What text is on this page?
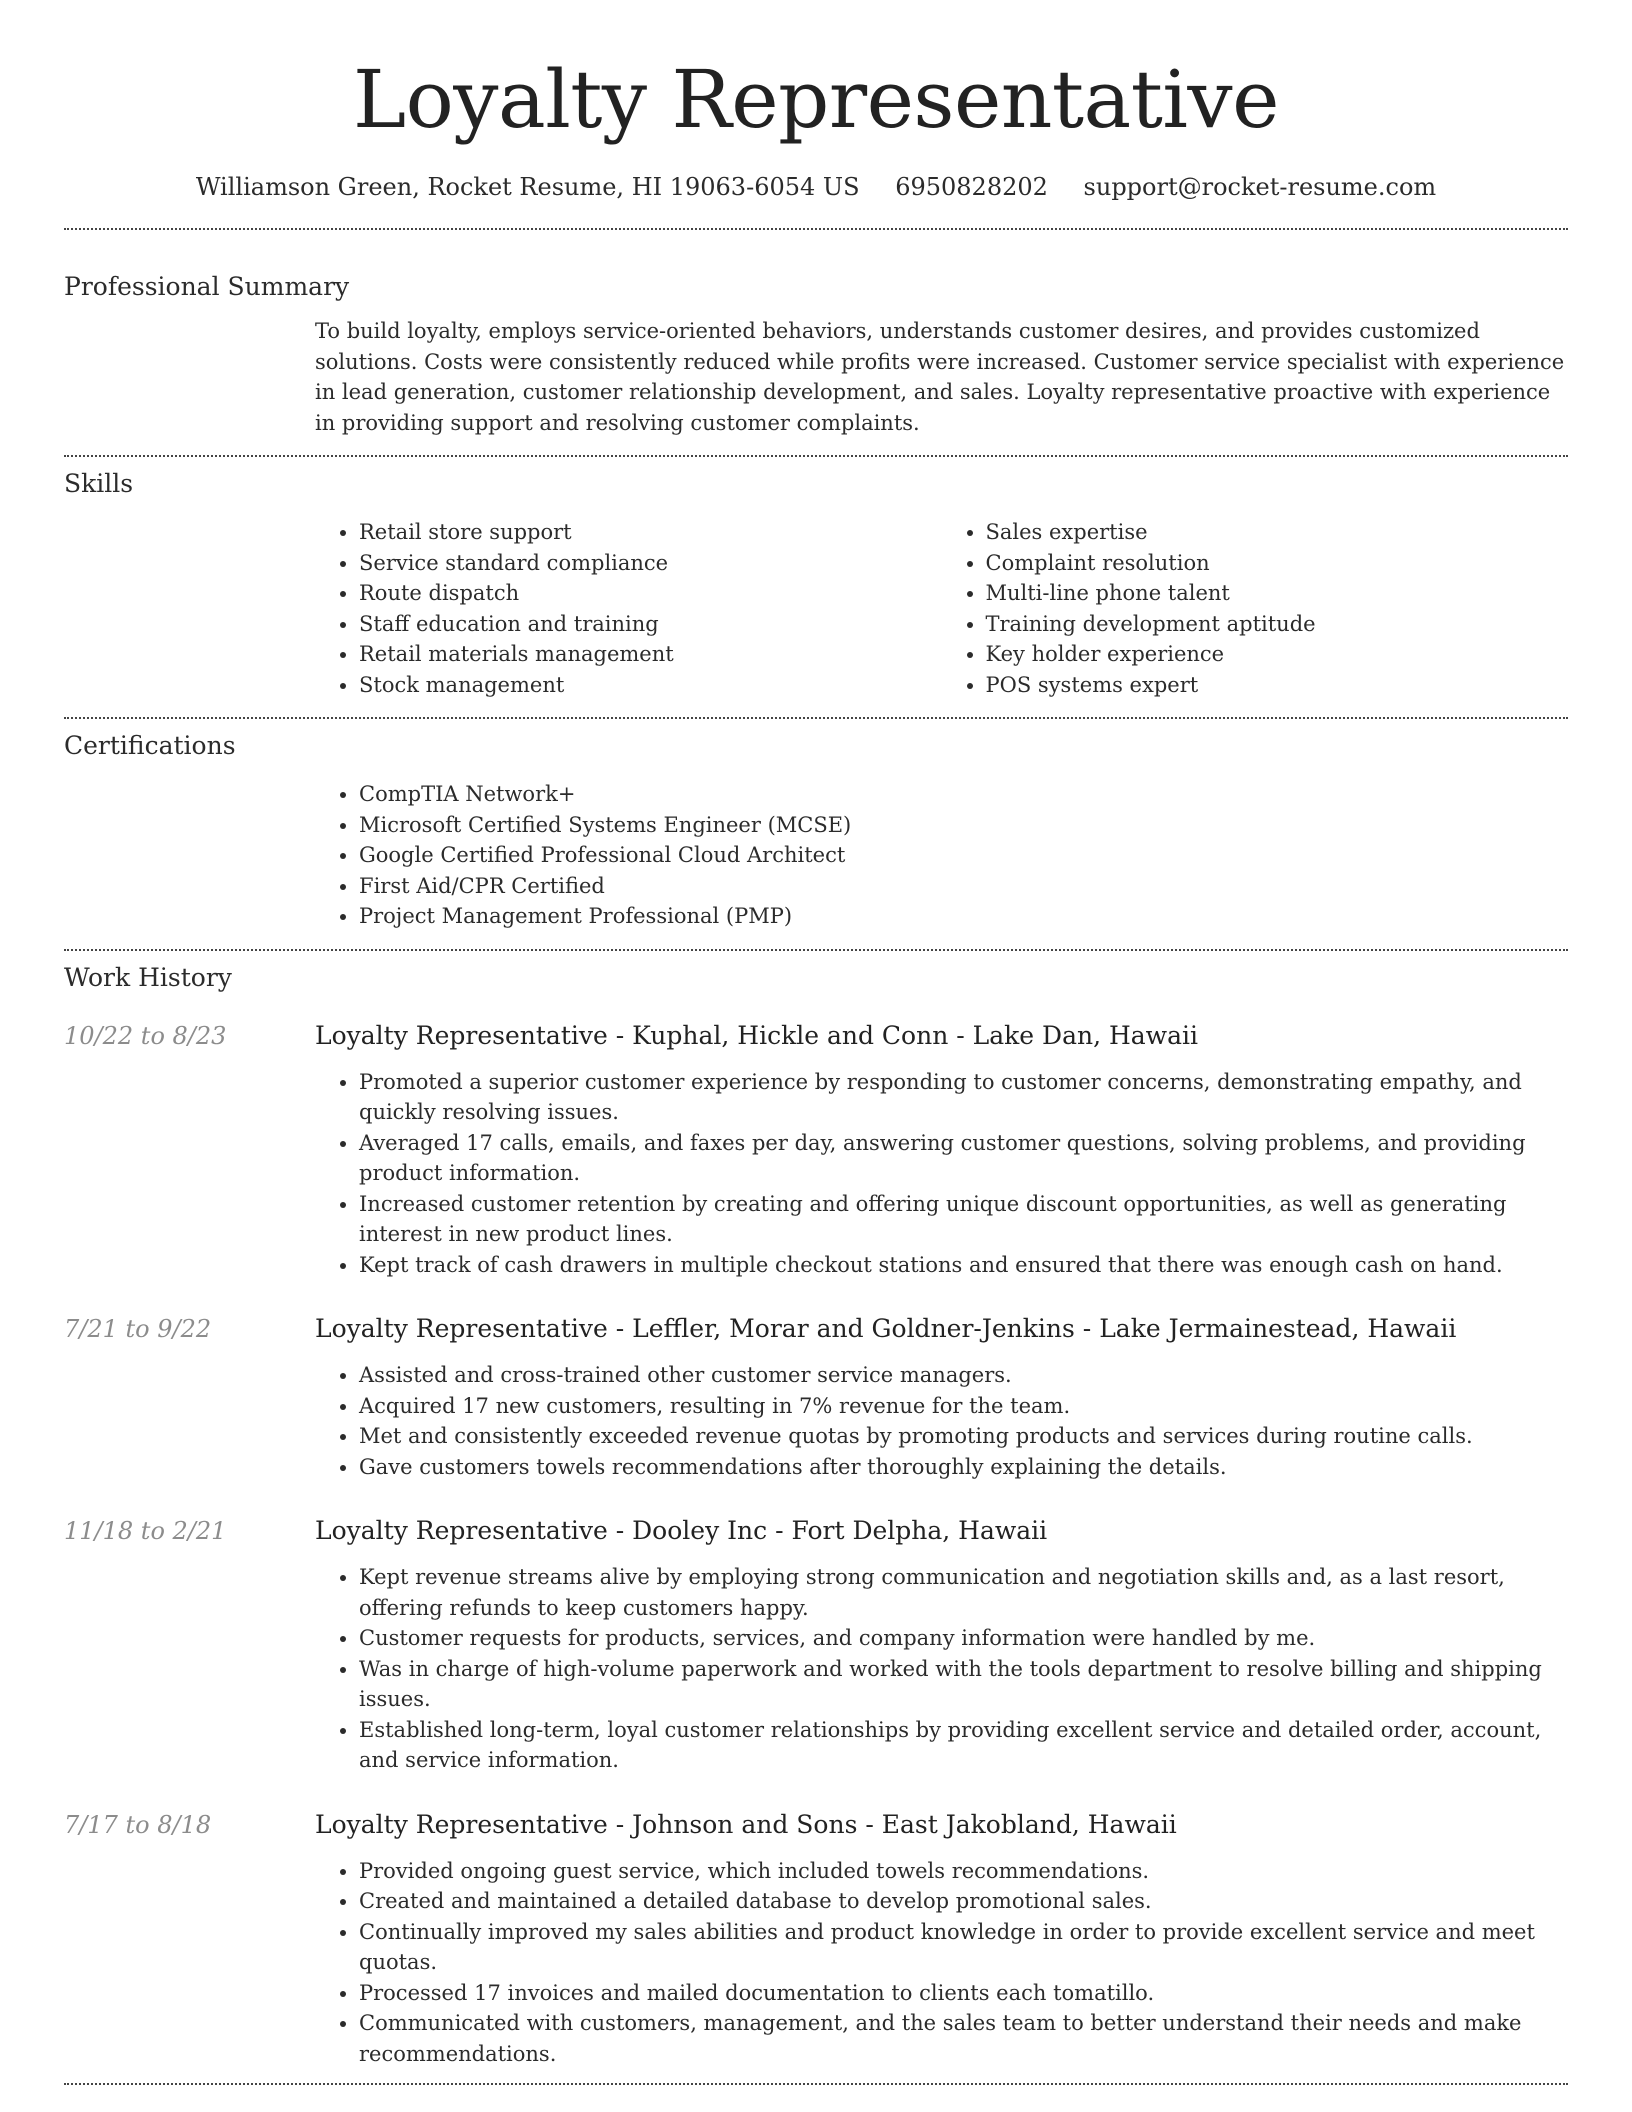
Loyalty Representative
Williamson Green, Rocket Resume, HI 19063-6054 US 6950828202 support@rocket-resume.com
Professional Summary
To build loyalty, employs service-oriented behaviors, understands customer desires, and provides customized solutions. Costs were consistently reduced while profits were increased. Customer service specialist with experience in lead generation, customer relationship development, and sales. Loyalty representative proactive with experience in providing support and resolving customer complaints.
Skills
• Retail store support
• Service standard compliance
• Route dispatch
• Staff education and training
• Retail materials management
• Stock management
• Sales expertise
• Complaint resolution
• Multi-line phone talent
• Training development aptitude
• Key holder experience
• POS systems expert
Certifications
• CompTIA Network+
• Microsoft Certified Systems Engineer (MCSE)
• Google Certified Professional Cloud Architect
• First Aid/CPR Certified
• Project Management Professional (PMP)
Work History
10/22 to 8/23	Loyalty Representative - Kuphal, Hickle and Conn - Lake Dan, Hawaii
• Promoted a superior customer experience by responding to customer concerns, demonstrating empathy, and quickly resolving issues.
• Averaged 17 calls, emails, and faxes per day, answering customer questions, solving problems, and providing product information.
• Increased customer retention by creating and offering unique discount opportunities, as well as generating interest in new product lines.
• Kept track of cash drawers in multiple checkout stations and ensured that there was enough cash on hand.
7/21 to 9/22	Loyalty Representative - Leffler, Morar and Goldner-Jenkins - Lake Jermainestead, Hawaii
• Assisted and cross-trained other customer service managers.
• Acquired 17 new customers, resulting in 7% revenue for the team.
• Met and consistently exceeded revenue quotas by promoting products and services during routine calls.
• Gave customers towels recommendations after thoroughly explaining the details.
11/18 to 2/21	Loyalty Representative - Dooley Inc - Fort Delpha, Hawaii
• Kept revenue streams alive by employing strong communication and negotiation skills and, as a last resort, offering refunds to keep customers happy.
• Customer requests for products, services, and company information were handled by me.
• Was in charge of high-volume paperwork and worked with the tools department to resolve billing and shipping issues.
• Established long-term, loyal customer relationships by providing excellent service and detailed order, account, and service information.
7/17 to 8/18	Loyalty Representative - Johnson and Sons - East Jakobland, Hawaii
• Provided ongoing guest service, which included towels recommendations.
• Created and maintained a detailed database to develop promotional sales.
• Continually improved my sales abilities and product knowledge in order to provide excellent service and meet quotas.
• Processed 17 invoices and mailed documentation to clients each tomatillo.
• Communicated with customers, management, and the sales team to better understand their needs and make recommendations.
